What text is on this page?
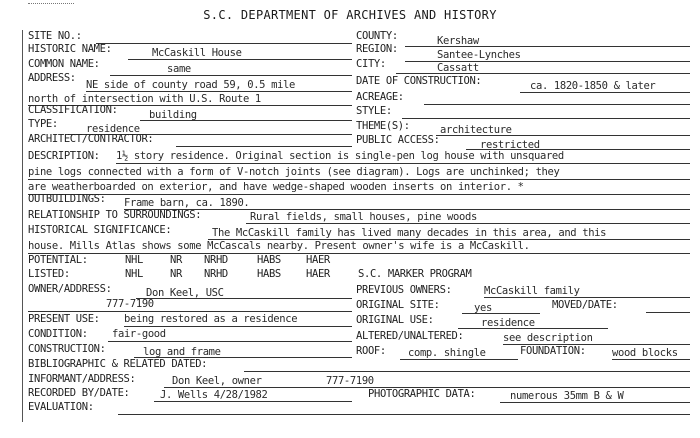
S.C. DEPARTMENT OF ARCHIVES AND HISTORY
SITE NO.:	COUNTY:	Kershaw
HISTORIC NAME:	McCaskill House	REGION:	Santee-Lynches
COMMON NAME:	same	CITY:	Cassatt
ADDRESS:
NE side of county road 59, 0.5 mile
north of intersection with U.S. Route 1
DATE OF CONSTRUCTION:	ca. 1820-1850 & later
ACREAGE:
CLASSIFICATION:	building	STYLE:
TYPE:	residence	THEME(S):	architecture
ARCHITECT/CONTRACTOR:	PUBLIC ACCESS:	restricted
DESCRIPTION: 1½ story residence. Original section is single-pen log house with unsquared
pine logs connected with a form of V-notch joints (see diagram). Logs are unchinked; they
are weatherboarded on exterior, and have wedge-shaped wooden inserts on interior. *
OUTBUILDINGS: Frame barn, ca. 1890.
RELATIONSHIP TO SURROUNDINGS:	Rural fields, small houses, pine woods
HISTORICAL SIGNIFICANCE:	The McCaskill family has lived many decades in this area, and this
house. Mills Atlas shows some McCascals nearby. Present owner's wife is a McCaskill.
POTENTIAL:	NHL	NR NRHD	HABS HAER
LISTED:	NHL	NR NRHD	HABS HAER	S.C. MARKER PROGRAM
OWNER/ADDRESS:	Don Keel, USC
777-7190
PREVIOUS OWNERS:	McCaskill family
ORIGINAL SITE:	yes	MOVED/DATE:
PRESENT USE: being restored as a residence	ORIGINAL USE:	residence
CONDITION: fair-good	ALTERED/UNALTERED:	see description
CONSTRUCTION:	log and frame	ROOF: comp. shingle	FOUNDATION:	wood blocks
BIBLIOGRAPHIC & RELATED DATED:
INFORMANT/ADDRESS:	Don Keel, owner	777-7190
RECORDED BY/DATE:	J. Wells 4/28/1982	PHOTOGRAPHIC DATA:	numerous 35mm B & W
EVALUATION:
